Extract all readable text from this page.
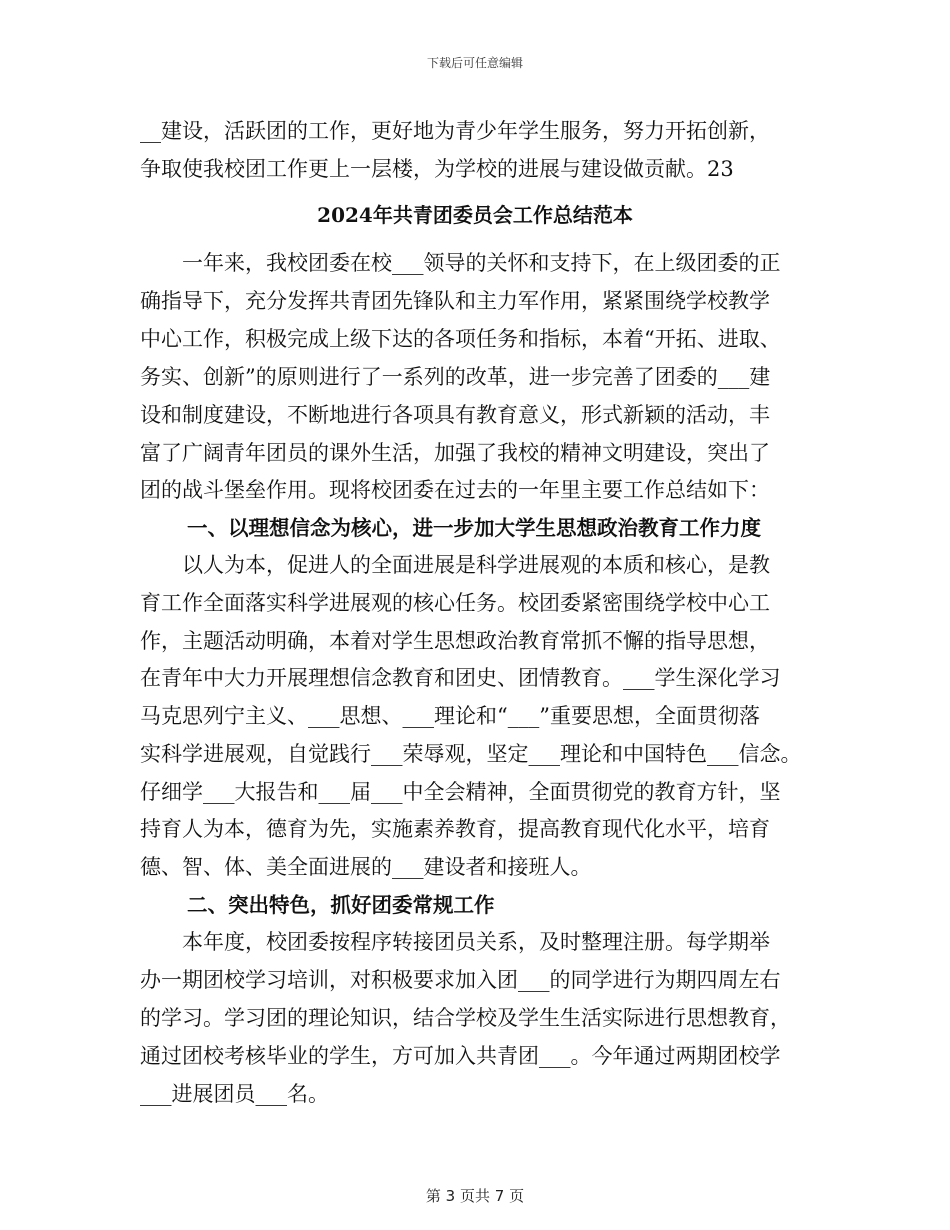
下载后可任意编辑
__建设，活跃团的工作，更好地为青少年学生服务，努力开拓创新，
争取使我校团工作更上一层楼，为学校的进展与建设做贡献。23
2024年共青团委员会工作总结范本
　　一年来，我校团委在校___领导的关怀和支持下，在上级团委的正
确指导下，充分发挥共青团先锋队和主力军作用，紧紧围绕学校教学
中心工作，积极完成上级下达的各项任务和指标，本着“开拓、进取、
务实、创新”的原则进行了一系列的改革，进一步完善了团委的___建
设和制度建设，不断地进行各项具有教育意义，形式新颖的活动，丰
富了广阔青年团员的课外生活，加强了我校的精神文明建设，突出了
团的战斗堡垒作用。现将校团委在过去的一年里主要工作总结如下：
一、以理想信念为核心，进一步加大学生思想政治教育工作力度
　　以人为本，促进人的全面进展是科学进展观的本质和核心，是教
育工作全面落实科学进展观的核心任务。校团委紧密围绕学校中心工
作，主题活动明确，本着对学生思想政治教育常抓不懈的指导思想，
在青年中大力开展理想信念教育和团史、团情教育。___学生深化学习
马克思列宁主义、___思想、___理论和“___”重要思想，全面贯彻落
实科学进展观，自觉践行___荣辱观，坚定___理论和中国特色___信念。
仔细学___大报告和___届___中全会精神，全面贯彻党的教育方针，坚
持育人为本，德育为先，实施素养教育，提高教育现代化水平，培育
德、智、体、美全面进展的___建设者和接班人。
二、突出特色，抓好团委常规工作
　　本年度，校团委按程序转接团员关系，及时整理注册。每学期举
办一期团校学习培训，对积极要求加入团___的同学进行为期四周左右
的学习。学习团的理论知识，结合学校及学生生活实际进行思想教育，
通过团校考核毕业的学生，方可加入共青团___。今年通过两期团校学
___进展团员___名。
第 3 页共 7 页
